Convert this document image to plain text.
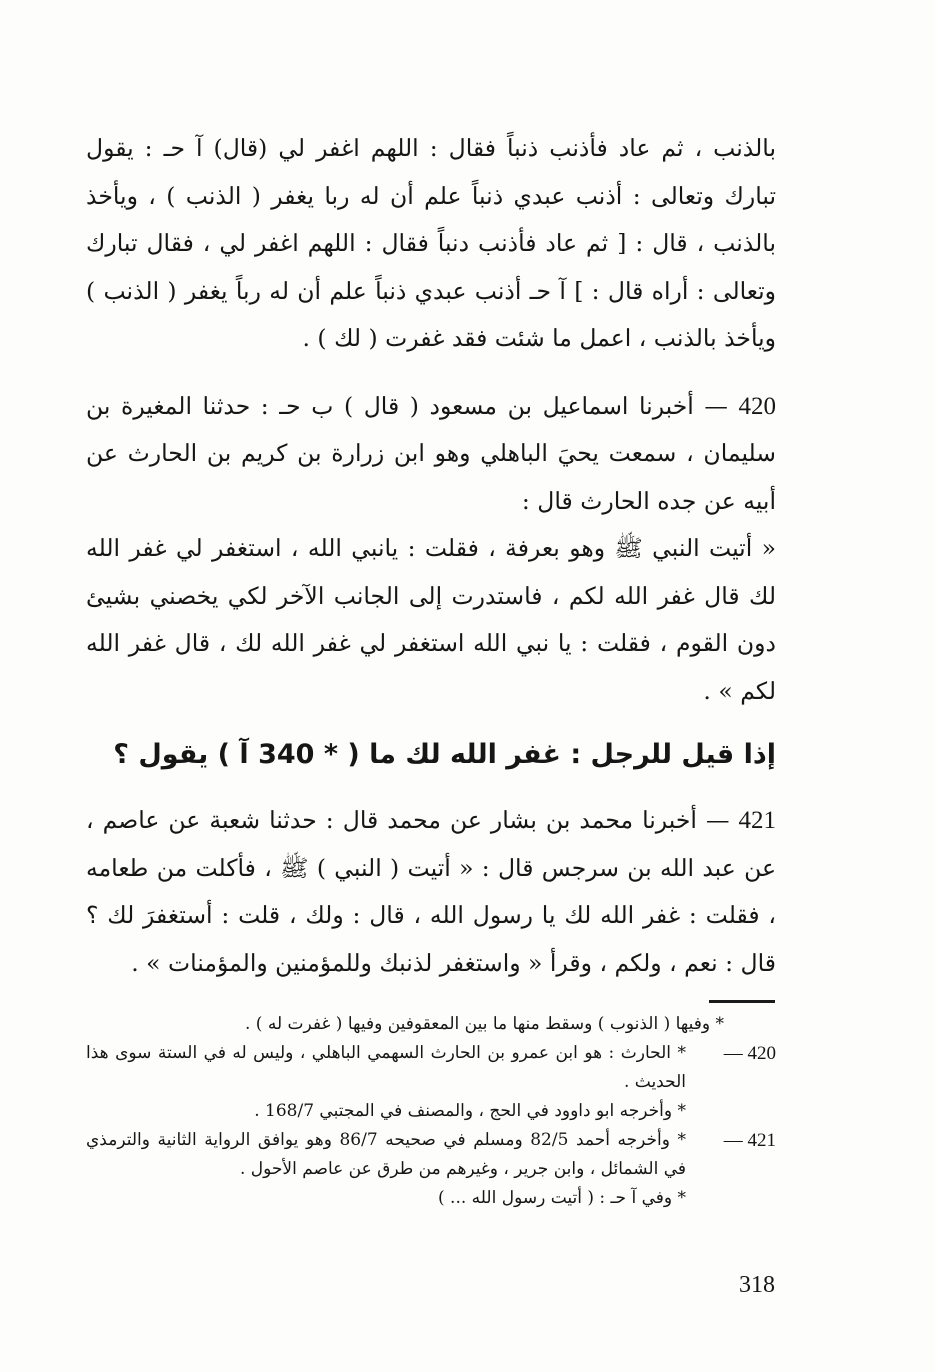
بالذنب ، ثم عاد فأذنب ذنباً فقال : اللهم اغفر لي (قال) آ حـ : يقول تبارك وتعالى : أذنب عبدي ذنباً علم أن له ربا يغفر ( الذنب ) ، ويأخذ بالذنب ، قال : [ ثم عاد فأذنب دنباً فقال : اللهم اغفر لي ، فقال تبارك وتعالى : أراه قال : ] آ حـ أذنب عبدي ذنباً علم أن له رباً يغفر ( الذنب ) ويأخذ بالذنب ، اعمل ما شئت فقد غفرت ( لك ) .

420 — أخبرنا اسماعيل بن مسعود ( قال ) ب حـ : حدثنا المغيرة بن سليمان ، سمعت يحيَ الباهلي وهو ابن زرارة بن كريم بن الحارث عن أبيه عن جده الحارث قال :

« أتيت النبي ﷺ وهو بعرفة ، فقلت : يانبي الله ، استغفر لي غفر الله لك قال غفر الله لكم ، فاستدرت إلى الجانب الآخر لكي يخصني بشيئ دون القوم ، فقلت : يا نبي الله استغفر لي غفر الله لك ، قال غفر الله لكم » .

إذا قيل للرجل : غفر الله لك ما ( * 340 آ ) يقول ؟

421 — أخبرنا محمد بن بشار عن محمد قال : حدثنا شعبة عن عاصم ، عن عبد الله بن سرجس قال : « أتيت ( النبي ) ﷺ ، فأكلت من طعامه ، فقلت : غفر الله لك يا رسول الله ، قال : ولك ، قلت : أستغفرَ لك ؟ قال : نعم ، ولكم ، وقرأ « واستغفر لذنبك وللمؤمنين والمؤمنات » .

* وفيها ( الذنوب ) وسقط منها ما بين المعقوفين وفيها ( غفرت له ) .
420 —
* الحارث : هو ابن عمرو بن الحارث السهمي الباهلي ، وليس له في الستة سوى هذا الحديث .
* وأخرجه ابو داوود في الحج ، والمصنف في المجتبي 168/7 .
421 —
* وأخرجه أحمد 82/5 ومسلم في صحيحه 86/7 وهو يوافق الرواية الثانية والترمذي في الشمائل ، وابن جرير ، وغيرهم من طرق عن عاصم الأحول .
* وفي آ حـ : ( أتيت رسول الله ... )
318
